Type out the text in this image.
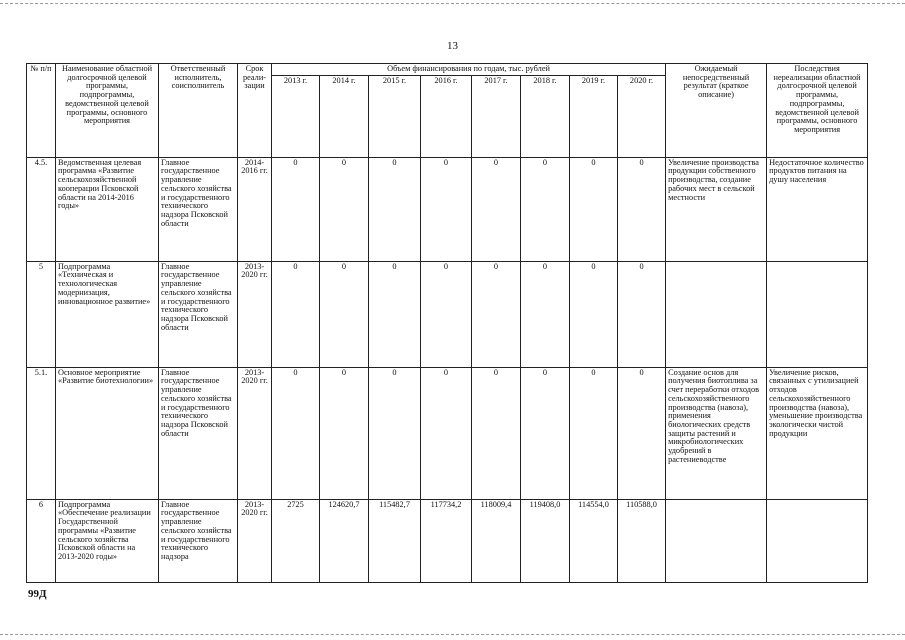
13
№ п/п	Наименование областной долгосрочной целевой программы, подпрограммы, ведомственной целевой программы, основного мероприятия	Ответственный исполнитель, соисполнитель	Срок реали-зации	Объем финансирования по годам, тыс. рублей								Ожидаемый непосредственный результат (краткое описание)	Последствия нереализации областной долгосрочной целевой программы, подпрограммы, ведомственной целевой программы, основного мероприятия
				2013 г.	2014 г.	2015 г.	2016 г.	2017 г.	2018 г.	2019 г.	2020 г.		
4.5.	Ведомственная целевая программа «Развитие сельскохозяйственной кооперации Псковской области на 2014-2016 годы»	Главное государственное управление сельского хозяйства и государственного технического надзора Псковской области	2014-2016 гг.	0	0	0	0	0	0	0	0	Увеличение производства продукции собственного производства, создание рабочих мест в сельской местности	Недостаточное количество продуктов питания на душу населения
5	Подпрограмма «Техническая и технологическая модернизация, инновационное развитие»	Главное государственное управление сельского хозяйства и государственного технического надзора Псковской области	2013-2020 гг.	0	0	0	0	0	0	0	0		
5.1.	Основное мероприятие «Развитие биотехнологии»	Главное государственное управление сельского хозяйства и государственного технического надзора Псковской области	2013-2020 гг.	0	0	0	0	0	0	0	0	Создание основ для получения биотоплива за счет переработки отходов сельскохозяйственного производства (навоза), применения биологических средств защиты растений и микробиологических удобрений в растениеводстве	Увеличение рисков, связанных с утилизацией отходов сельскохозяйственного производства (навоза), уменьшение производства экологически чистой продукции
6	Подпрограмма «Обеспечение реализации Государственной программы «Развитие сельского хозяйства Псковской области на 2013-2020 годы»	Главное государственное управление сельского хозяйства и государственного технического надзора	2013-2020 гг.	2725	124620,7	115482,7	117734,2	118009,4	119408,0	114554,0	110588,0		
99Д
